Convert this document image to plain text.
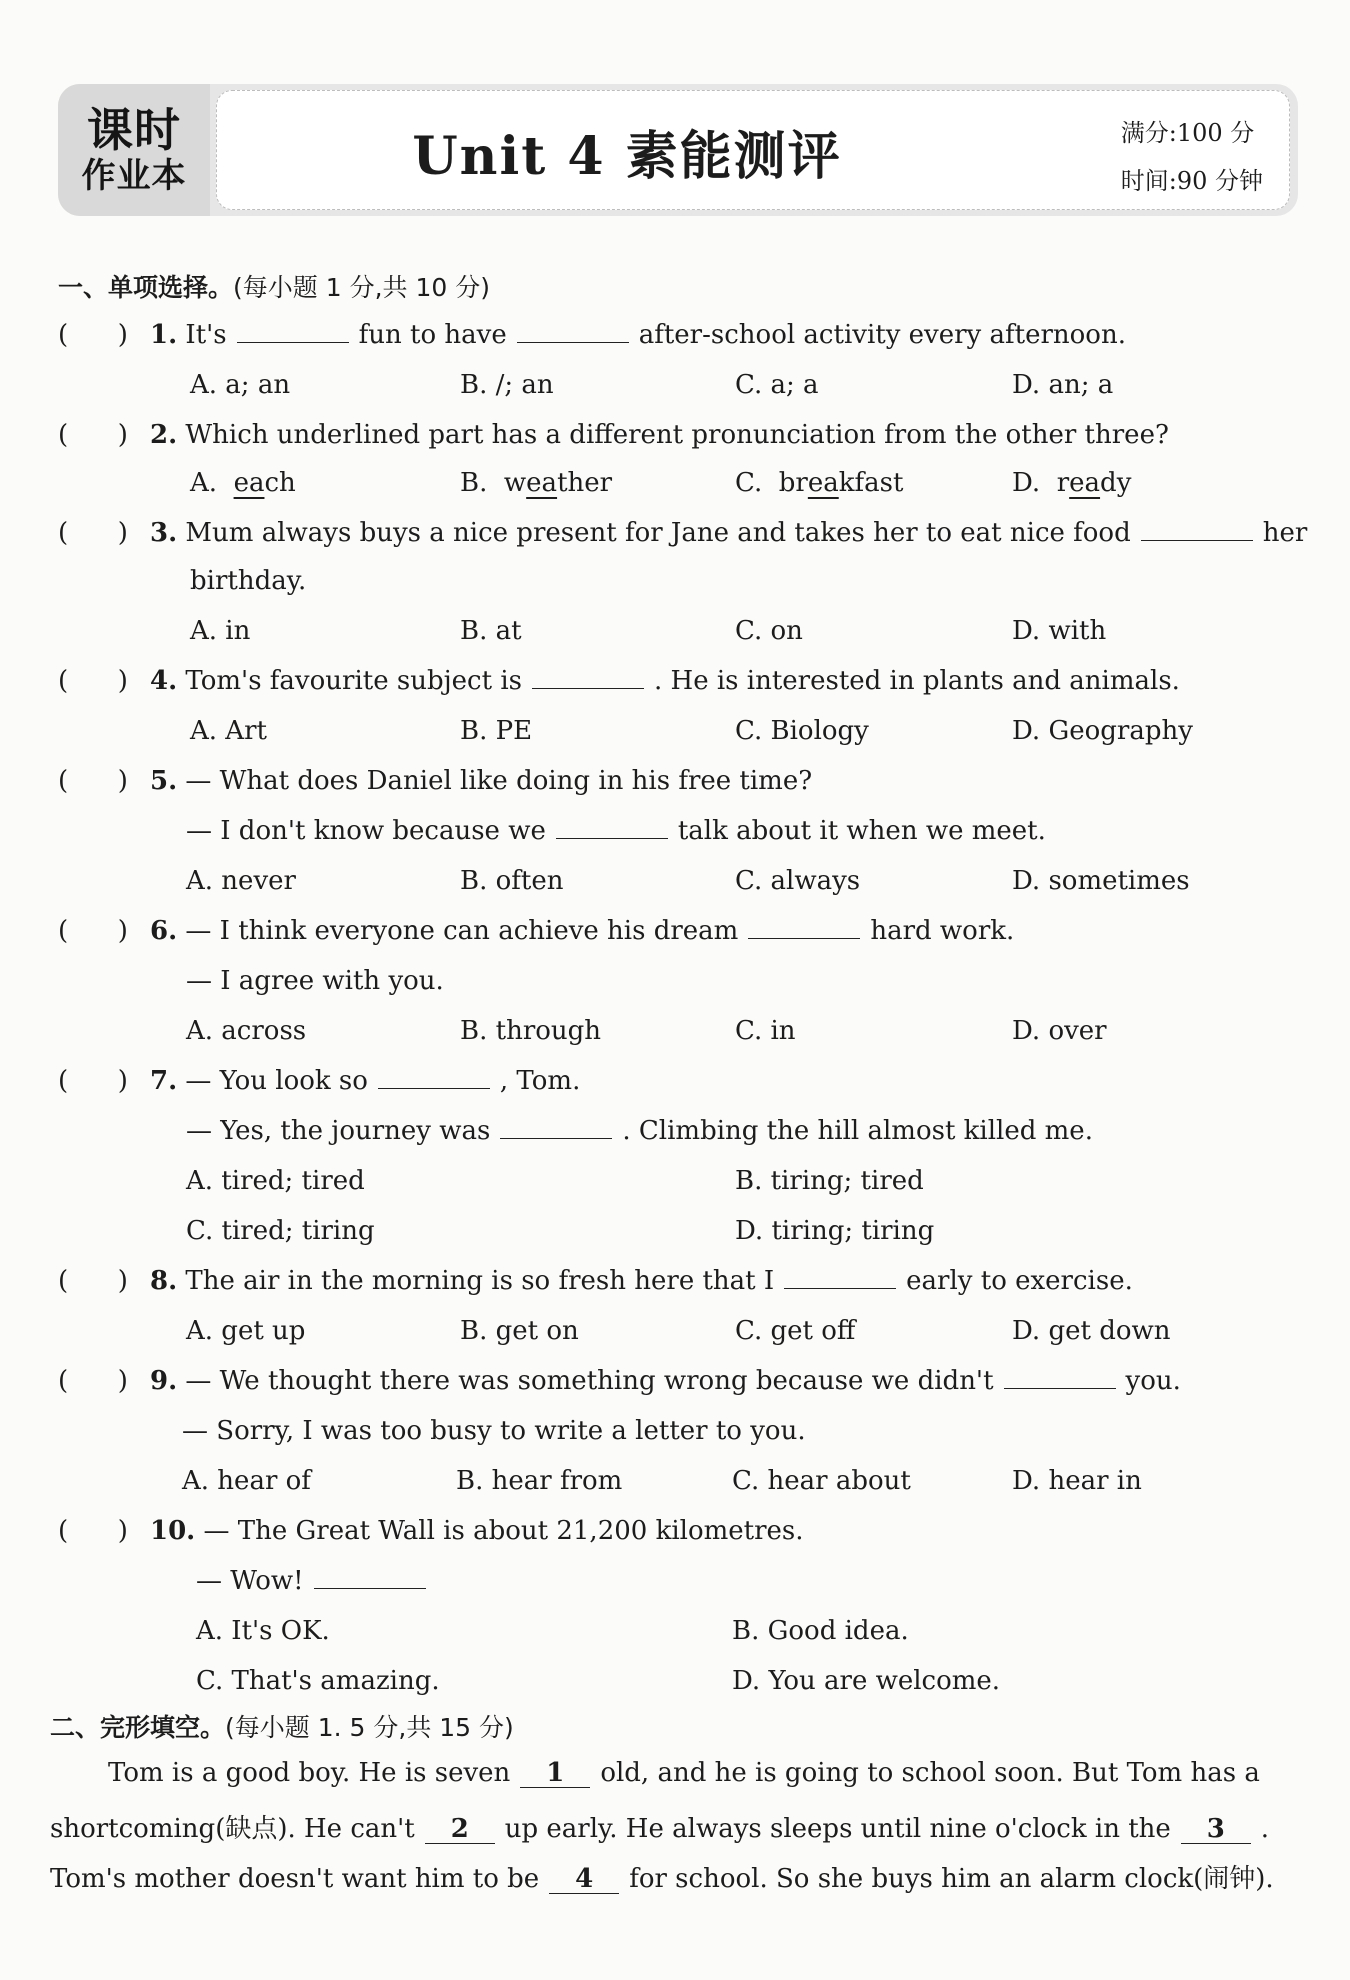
课时
作业本	Unit 4 素能测评	满分:100 分
时间:90 分钟
一、单项选择。(每小题 1 分,共 10 分)
(      ) 1. It's	fun to have	after-school activity every afternoon.
A. a; an	B. /; an	C. a; a	D. an; a
(      ) 2. Which underlined part has a different pronunciation from the other three?
A. each	B. weather	C. breakfast	D. ready
(      ) 3. Mum always buys a nice present for Jane and takes her to eat nice food	her
birthday.
A. in	B. at	C. on	D. with
(      ) 4. Tom's favourite subject is	. He is interested in plants and animals.
A. Art	B. PE	C. Biology	D. Geography
(      ) 5. — What does Daniel like doing in his free time?
— I don't know because we	talk about it when we meet.
A. never	B. often	C. always	D. sometimes
(      ) 6. — I think everyone can achieve his dream	hard work.
— I agree with you.
A. across	B. through	C. in	D. over
(      ) 7. — You look so	, Tom.
— Yes, the journey was	. Climbing the hill almost killed me.
A. tired; tired	B. tiring; tired
C. tired; tiring	D. tiring; tiring
(      ) 8. The air in the morning is so fresh here that I	early to exercise.
A. get up	B. get on	C. get off	D. get down
(      ) 9. — We thought there was something wrong because we didn't	you.
— Sorry, I was too busy to write a letter to you.
A. hear of	B. hear from	C. hear about	D. hear in
(      ) 10. — The Great Wall is about 21,200 kilometres.
— Wow!
A. It's OK.	B. Good idea.
C. That's amazing.	D. You are welcome.
二、完形填空。(每小题 1. 5 分,共 15 分)
Tom is a good boy. He is seven 1 old, and he is going to school soon. But Tom has a
shortcoming(缺点). He can't 2 up early. He always sleeps until nine o'clock in the 3 .
Tom's mother doesn't want him to be 4 for school. So she buys him an alarm clock(闹钟).
